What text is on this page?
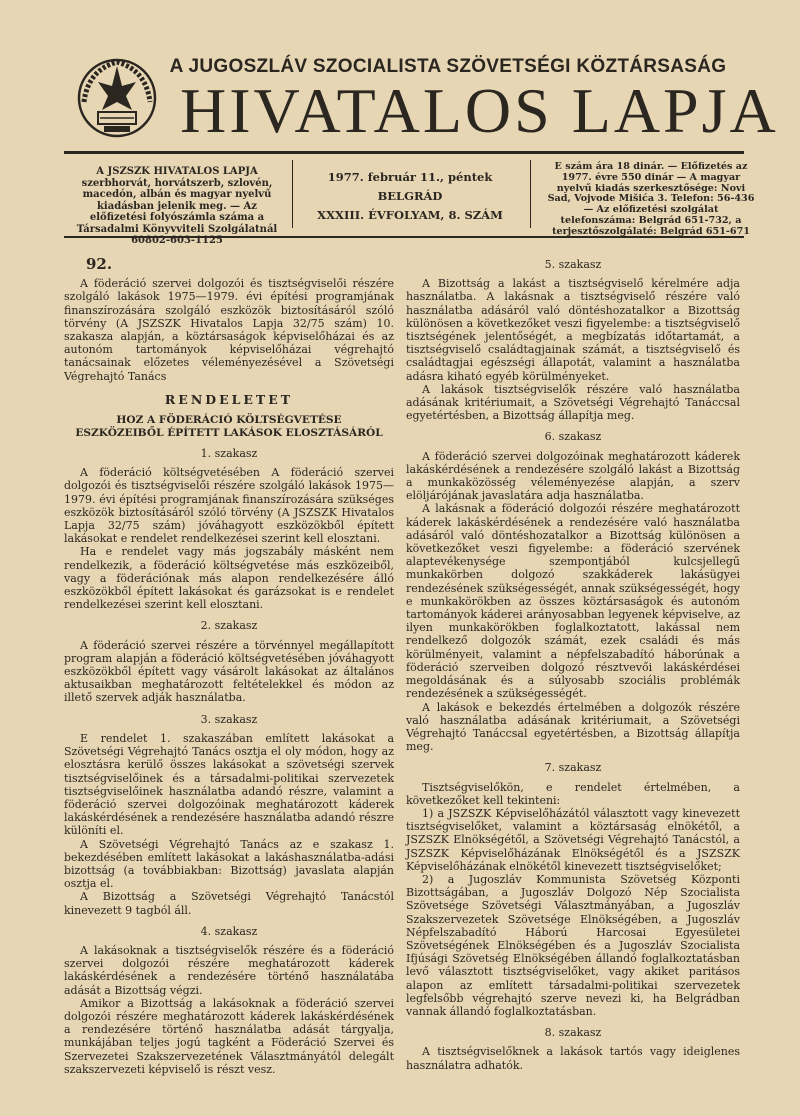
A JUGOSZLÁV SZOCIALISTA SZÖVETSÉGI KÖZTÁRSASÁG
HIVATALOS LAPJA
A JSZSZK HIVATALOS LAPJA szerbhorvát, horvátszerb, szlovén, macedón, albán és magyar nyelvű kiadásban jelenik meg. — Az előfizetési folyószámla száma a Társadalmi Könyvviteli Szolgálatnál 60802-603-1125
1977. február 11., péntek
BELGRÁD
XXXIII. ÉVFOLYAM, 8. SZÁM
E szám ára 18 dinár. — Előfizetés az 1977. évre 550 dinár — A magyar nyelvű kiadás szerkesztősége: Novi Sad, Vojvode Mišića 3. Telefon: 56-436 — Az előfizetési szolgálat telefonszáma: Belgrád 651-732, a terjesztőszolgálaté: Belgrád 651-671
92.

A föderáció szervei dolgozói és tisztségviselői részére szolgáló lakások 1975—1979. évi építési programjának finanszírozására szolgáló eszközök biztosításáról szóló törvény (A JSZSZK Hivatalos Lapja 32/75 szám) 10. szakasza alapján, a köztársaságok képviselőházai és az autonóm tartományok képviselőházai végrehajtó tanácsainak előzetes véleményezésével a Szövetségi Végrehajtó Tanács

RENDELETET
HOZ A FÖDERÁCIÓ KÖLTSÉGVETÉSE ESZKÖZEIBŐL ÉPÍTETT LAKÁSOK ELOSZTÁSÁRÓL
1. szakasz

A föderáció költségvetésében A föderáció szervei dolgozói és tisztségviselői részére szolgáló lakások 1975—1979. évi építési programjának finanszírozására szükséges eszközök biztosításáról szóló törvény (A JSZSZK Hivatalos Lapja 32/75 szám) jóváhagyott eszközökből épített lakásokat e rendelet rendelkezései szerint kell elosztani.

Ha e rendelet vagy más jogszabály másként nem rendelkezik, a föderáció költségvetése más eszközeiből, vagy a föderációnak más alapon rendelkezésére álló eszközökből épített lakásokat és garázsokat is e rendelet rendelkezései szerint kell elosztani.

2. szakasz

A föderáció szervei részére a törvénnyel megállapított program alapján a föderáció költségvetésében jóváhagyott eszközökből épített vagy vásárolt lakásokat az általános aktusaikban meghatározott feltételekkel és módon az illető szervek adják használatba.

3. szakasz

E rendelet 1. szakaszában említett lakásokat a Szövetségi Végrehajtó Tanács osztja el oly módon, hogy az elosztásra kerülő összes lakásokat a szövetségi szervek tisztségviselőinek és a társadalmi-politikai szervezetek tisztségviselőinek használatba adandó részre, valamint a föderáció szervei dolgozóinak meghatározott káderek lakáskérdésének a rendezésére használatba adandó részre különíti el.

A Szövetségi Végrehajtó Tanács az e szakasz 1. bekezdésében említett lakásokat a lakáshasználatba-adási bizottság (a továbbiakban: Bizottság) javaslata alapján osztja el.

A Bizottság a Szövetségi Végrehajtó Tanácstól kinevezett 9 tagból áll.

4. szakasz

A lakásoknak a tisztségviselők részére és a föderáció szervei dolgozói részére meghatározott káderek lakáskérdésének a rendezésére történő használatába adását a Bizottság végzi.

Amikor a Bizottság a lakásoknak a föderáció szervei dolgozói részére meghatározott káderek lakáskérdésének a rendezésére történő használatba adását tárgyalja, munkájában teljes jogú tagként a Föderáció Szervei és Szervezetei Szakszervezetének Választmányától delegált szakszervezeti képviselő is részt vesz.

5. szakasz

A Bizottság a lakást a tisztségviselő kérelmére adja használatba. A lakásnak a tisztségviselő részére való használatba adásáról való döntéshozatalkor a Bizottság különösen a következőket veszi figyelembe: a tisztségviselő tisztségének jelentőségét, a megbízatás időtartamát, a tisztségviselő családtagjainak számát, a tisztségviselő és családtagjai egészségi állapotát, valamint a használatba adásra kiható egyéb körülményeket.

A lakások tisztségviselők részére való használatba adásának kritériumait, a Szövetségi Végrehajtó Tanáccsal egyetértésben, a Bizottság állapítja meg.

6. szakasz

A föderáció szervei dolgozóinak meghatározott káderek lakáskérdésének a rendezésére szolgáló lakást a Bizottság a munkaközösség véleményezése alapján, a szerv elöljárójának javaslatára adja használatba.

A lakásnak a föderáció dolgozói részére meghatározott káderek lakáskérdésének a rendezésére való használatba adásáról való döntéshozatalkor a Bizottság különösen a következőket veszi figyelembe: a föderáció szervének alaptevékenysége szempontjából kulcsjellegű munkakörben dolgozó szakkáderek lakásügyei rendezésének szükségességét, annak szükségességét, hogy e munkakörökben az összes köztársaságok és autonóm tartományok káderei arányosabban legyenek képviselve, az ilyen munkakörökben foglalkoztatott, lakással nem rendelkező dolgozók számát, ezek családi és más körülményeit, valamint a népfelszabadító háborúnak a föderáció szerveiben dolgozó résztvevői lakáskérdései megoldásának és a súlyosabb szociális problémák rendezésének a szükségességét.

A lakások e bekezdés értelmében a dolgozók részére való használatba adásának kritériumait, a Szövetségi Végrehajtó Tanáccsal egyetértésben, a Bizottság állapítja meg.

7. szakasz

Tisztségviselőkön, e rendelet értelmében, a következőket kell tekinteni:

1) a JSZSZK Képviselőházától választott vagy kinevezett tisztségviselőket, valamint a köztársaság elnökétől, a JSZSZK Elnökségétől, a Szövetségi Végrehajtó Tanácstól, a JSZSZK Képviselőházának Elnökségétől és a JSZSZK Képviselőházának elnökétől kinevezett tisztségviselőket;

2) a Jugoszláv Kommunista Szövetség Központi Bizottságában, a Jugoszláv Dolgozó Nép Szocialista Szövetsége Szövetségi Választmányában, a Jugoszláv Szakszervezetek Szövetsége Elnökségében, a Jugoszláv Népfelszabadító Háború Harcosai Egyesületei Szövetségének Elnökségében és a Jugoszláv Szocialista Ifjúsági Szövetség Elnökségében állandó foglalkoztatásban levő választott tisztségviselőket, vagy akiket paritásos alapon az említett társadalmi-politikai szervezetek legfelsőbb végrehajtó szerve nevezi ki, ha Belgrádban vannak állandó foglalkoztatásban.

8. szakasz

A tisztségviselőknek a lakások tartós vagy ideiglenes használatra adhatók.
